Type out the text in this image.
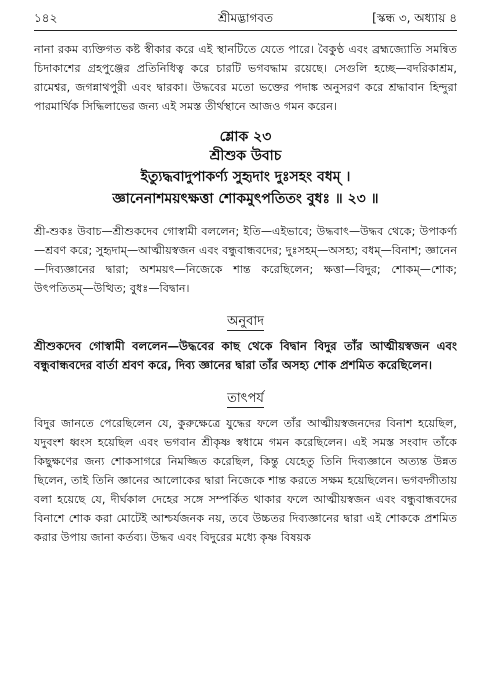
১৪২	শ্রীমদ্ভাগবত	[স্কন্ধ ৩, অধ্যায় ৪

নানা রকম ব্যক্তিগত কষ্ট স্বীকার করে এই স্থানটিতে যেতে পারে। বৈকুণ্ঠ এবং ব্রহ্মজ্যোতি সমন্বিত চিদাকাশের গ্রহপুঞ্জের প্রতিনিধিত্ব করে চারটি ভগবদ্ধাম রয়েছে। সেগুলি হচ্ছে—বদরিকাশ্রম, রামেশ্বর, জগন্নাথপুরী এবং দ্বারকা। উদ্ধবের মতো ভক্তের পদাঙ্ক অনুসরণ করে শ্রদ্ধাবান হিন্দুরা পারমার্থিক সিদ্ধিলাভের জন্য এই সমস্ত তীর্থস্থানে আজও গমন করেন।

শ্লোক ২৩
শ্রীশুক উবাচ
ইত্যুদ্ধবাদুপাকর্ণ্য সুহৃদাং দুঃসহং বধম্ ।
জ্ঞানেনাশময়ৎক্ষত্তা শোকমুৎপতিতং বুধঃ ॥ ২৩ ॥

শ্রী-শুকঃ উবাচ—শ্রীশুকদেব গোস্বামী বললেন; ইতি—এইভাবে; উদ্ধবাৎ—উদ্ধব থেকে; উপাকর্ণ্য—শ্রবণ করে; সুহৃদাম্—আত্মীয়স্বজন এবং বন্ধুবান্ধবদের; দুঃসহম্—অসহ্য; বধম্—বিনাশ; জ্ঞানেন—দিব্যজ্ঞানের দ্বারা; অশময়ৎ—নিজেকে শান্ত করেছিলেন; ক্ষত্তা—বিদুর; শোকম্—শোক; উৎপতিতম্—উত্থিত; বুধঃ—বিদ্বান।

অনুবাদ

শ্রীশুকদেব গোস্বামী বললেন—উদ্ধবের কাছ থেকে বিদ্বান বিদুর তাঁর আত্মীয়স্বজন এবং বন্ধুবান্ধবদের বার্তা শ্রবণ করে, দিব্য জ্ঞানের দ্বারা তাঁর অসহ্য শোক প্রশমিত করেছিলেন।

তাৎপর্য

বিদুর জানতে পেরেছিলেন যে, কুরুক্ষেত্রে যুদ্ধের ফলে তাঁর আত্মীয়স্বজনদের বিনাশ হয়েছিল, যদুবংশ ধ্বংস হয়েছিল এবং ভগবান শ্রীকৃষ্ণ স্বধামে গমন করেছিলেন। এই সমস্ত সংবাদ তাঁকে কিছুক্ষণের জন্য শোকসাগরে নিমজ্জিত করেছিল, কিন্তু যেহেতু তিনি দিব্যজ্ঞানে অত্যন্ত উন্নত ছিলেন, তাই তিনি জ্ঞানের আলোকের দ্বারা নিজেকে শান্ত করতে সক্ষম হয়েছিলেন। ভগবদ্গীতায় বলা হয়েছে যে, দীর্ঘকাল দেহের সঙ্গে সম্পর্কিত থাকার ফলে আত্মীয়স্বজন এবং বন্ধুবান্ধবদের বিনাশে শোক করা মোটেই আশ্চর্যজনক নয়, তবে উচ্চতর দিব্যজ্ঞানের দ্বারা এই শোককে প্রশমিত করার উপায় জানা কর্তব্য। উদ্ধব এবং বিদুরের মধ্যে কৃষ্ণ বিষয়ক
